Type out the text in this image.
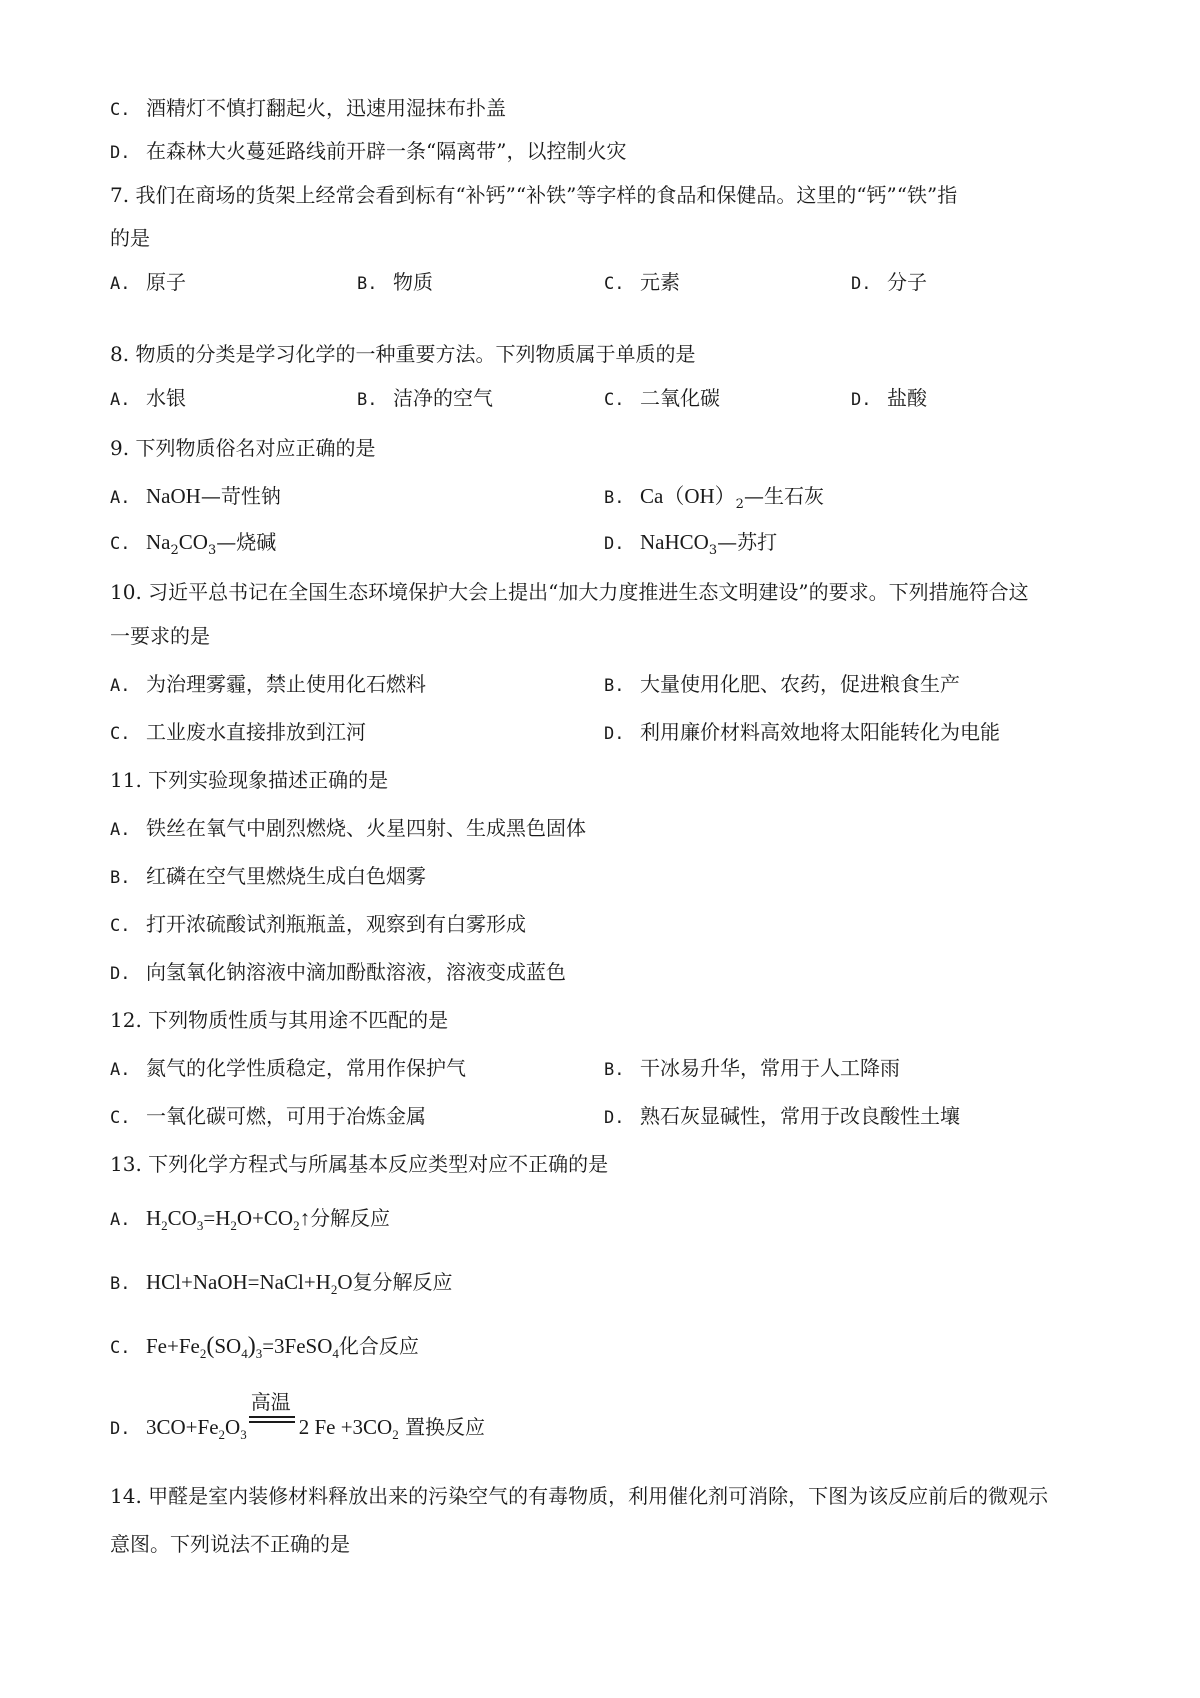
C. 酒精灯不慎打翻起火，迅速用湿抹布扑盖
D. 在森林大火蔓延路线前开辟一条“隔离带”，以控制火灾
7. 我们在商场的货架上经常会看到标有“补钙”“补铁”等字样的食品和保健品。这里的“钙”“铁”指
的是
A. 原子	B. 物质	C. 元素	D. 分子
8. 物质的分类是学习化学的一种重要方法。下列物质属于单质的是
A. 水银	B. 洁净的空气	C. 二氧化碳	D. 盐酸
9. 下列物质俗名对应正确的是
A. NaOH—苛性钠	B. $Ca(OH)_2—$生石灰
C. $Na_2CO_3—$烧碱	D. NaHCO$_3$—苏打
10. 习近平总书记在全国生态环境保护大会上提出“加大力度推进生态文明建设”的要求。下列措施符合这
一要求的是
A. 为治理雾霾，禁止使用化石燃料	B. 大量使用化肥、农药，促进粮食生产
C. 工业废水直接排放到江河	D. 利用廉价材料高效地将太阳能转化为电能
11. 下列实验现象描述正确的是
A. 铁丝在氧气中剧烈燃烧、火星四射、生成黑色固体
B. 红磷在空气里燃烧生成白色烟雾
C. 打开浓硫酸试剂瓶瓶盖，观察到有白雾形成
D. 向氢氧化钠溶液中滴加酚酞溶液，溶液变成蓝色
12. 下列物质性质与其用途不匹配的是
A. 氮气的化学性质稳定，常用作保护气	B. 干冰易升华，常用于人工降雨
C. 一氧化碳可燃，可用于冶炼金属	D. 熟石灰显碱性，常用于改良酸性土壤
13. 下列化学方程式与所属基本反应类型对应不正确的是
A. $H_2CO_3=H_2O+CO_2↑$分解反应
B. $HCl+NaOH=NaCl+H_2O$复分解反应
C. $Fe+Fe_2(SO_4)_3=3FeSO_4$化合反应
D. $3CO+Fe_2O_3$
高温
2 $Fe +3CO_2$ 置换反应
14. 甲醛是室内装修材料释放出来的污染空气的有毒物质，利用催化剂可消除，下图为该反应前后的微观示
意图。下列说法不正确的是
